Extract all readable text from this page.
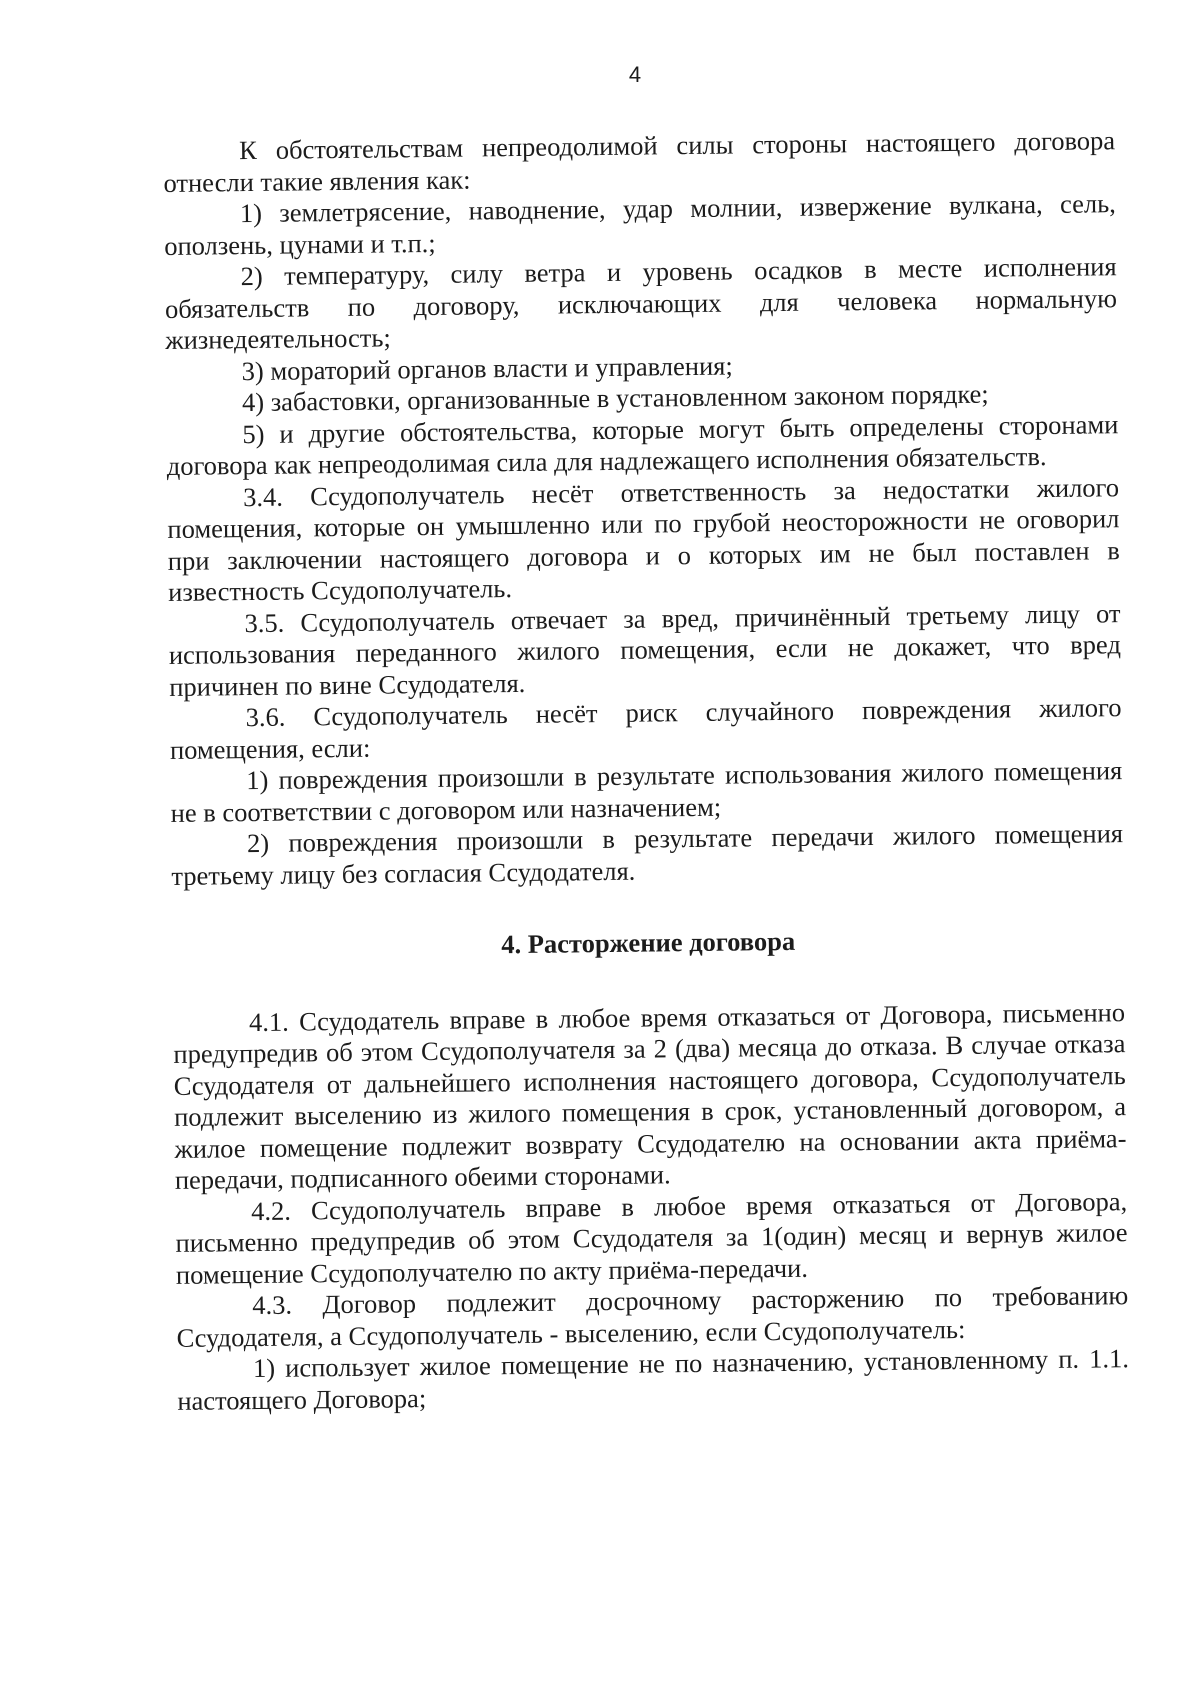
4

К обстоятельствам непреодолимой силы стороны настоящего договора отнесли такие явления как:

1) землетрясение, наводнение, удар молнии, извержение вулкана, сель, оползень, цунами и т.п.;

2) температуру, силу ветра и уровень осадков в месте исполнения обязательств по договору, исключающих для человека нормальную жизнедеятельность;

3) мораторий органов власти и управления;

4) забастовки, организованные в установленном законом порядке;

5) и другие обстоятельства, которые могут быть определены сторонами договора как непреодолимая сила для надлежащего исполнения обязательств.

3.4. Ссудополучатель несёт ответственность за недостатки жилого помещения, которые он умышленно или по грубой неосторожности не оговорил при заключении настоящего договора и о которых им не был поставлен в известность Ссудополучатель.

3.5. Ссудополучатель отвечает за вред, причинённый третьему лицу от использования переданного жилого помещения, если не докажет, что вред причинен по вине Ссудодателя.

3.6. Ссудополучатель несёт риск случайного повреждения жилого помещения, если:

1) повреждения произошли в результате использования жилого помещения не в соответствии с договором или назначением;

2) повреждения произошли в результате передачи жилого помещения третьему лицу без согласия Ссудодателя.

4. Расторжение договора

4.1. Ссудодатель вправе в любое время отказаться от Договора, письменно предупредив об этом Ссудополучателя за 2 (два) месяца до отказа. В случае отказа Ссудодателя от дальнейшего исполнения настоящего договора, Ссудополучатель подлежит выселению из жилого помещения в срок, установленный договором, а жилое помещение подлежит возврату Ссудодателю на основании акта приёма-передачи, подписанного обеими сторонами.

4.2. Ссудополучатель вправе в любое время отказаться от Договора, письменно предупредив об этом Ссудодателя за 1(один) месяц и вернув жилое помещение Ссудополучателю по акту приёма-передачи.

4.3. Договор подлежит досрочному расторжению по требованию Ссудодателя, а Ссудополучатель - выселению, если Ссудополучатель:

1) использует жилое помещение не по назначению, установленному п. 1.1. настоящего Договора;
